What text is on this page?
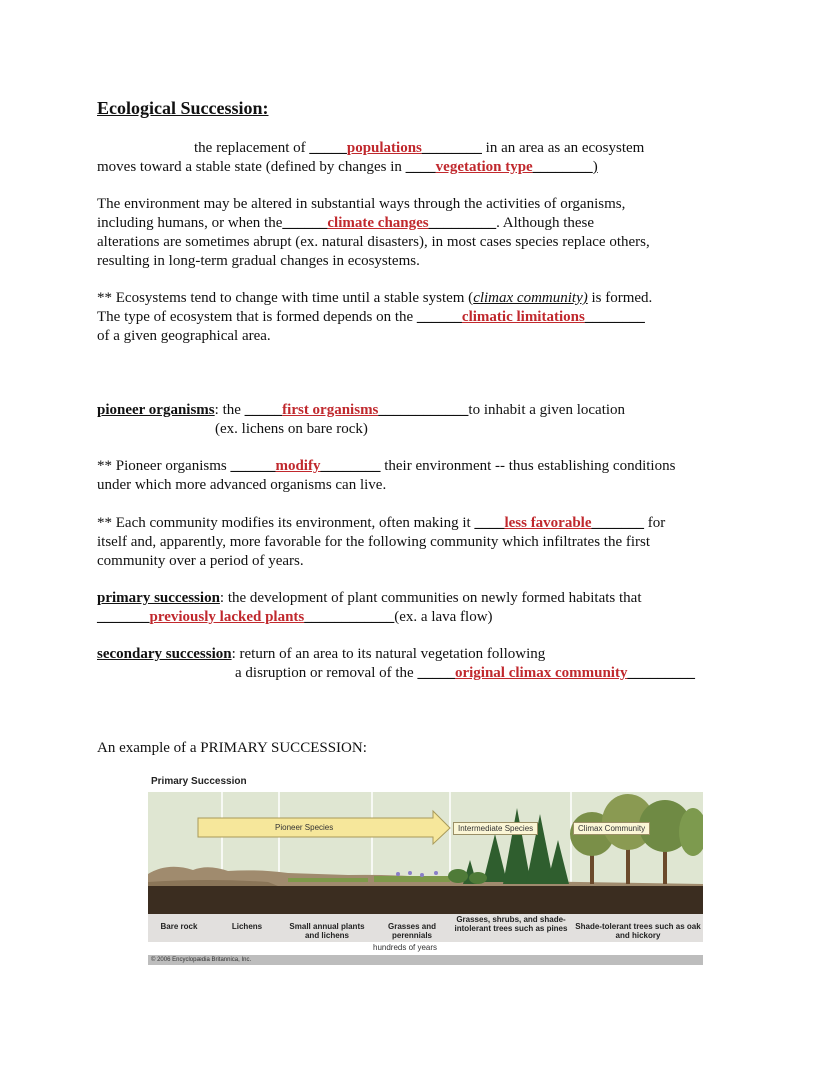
Ecological Succession:
the replacement of _____populations________ in an area as an ecosystem
moves toward a stable state (defined by changes in ____vegetation type________)
The environment may be altered in substantial ways through the activities of organisms,
including humans, or when the______climate changes_________. Although these
alterations are sometimes abrupt (ex. natural disasters), in most cases species replace others,
resulting in long-term gradual changes in ecosystems.
** Ecosystems tend to change with time until a stable system (climax community) is formed.
The type of ecosystem that is formed depends on the ______climatic limitations________
of a given geographical area.
pioneer organisms: the _____first organisms____________to inhabit a given location
(ex. lichens on bare rock)
** Pioneer organisms ______modify________ their environment -- thus establishing conditions
under which more advanced organisms can live.
** Each community modifies its environment, often making it ____less favorable_______ for
itself and, apparently, more favorable for the following community which infiltrates the first
community over a period of years.
primary succession: the development of plant communities on newly formed habitats that
_______previously lacked plants____________(ex. a lava flow)
secondary succession: return of an area to its natural vegetation following
a disruption or removal of the _____original climax community_________
An example of a PRIMARY SUCCESSION:
Primary Succession
Pioneer Species	Intermediate Species	Climax Community
Bare rock	Lichens	Small annual plants and lichens
Grasses and perennials
Grasses, shrubs, and shade-intolerant trees such as pines Shade-tolerant trees such as oak and hickory
hundreds of years
© 2006 Encyclopædia Britannica, Inc.
